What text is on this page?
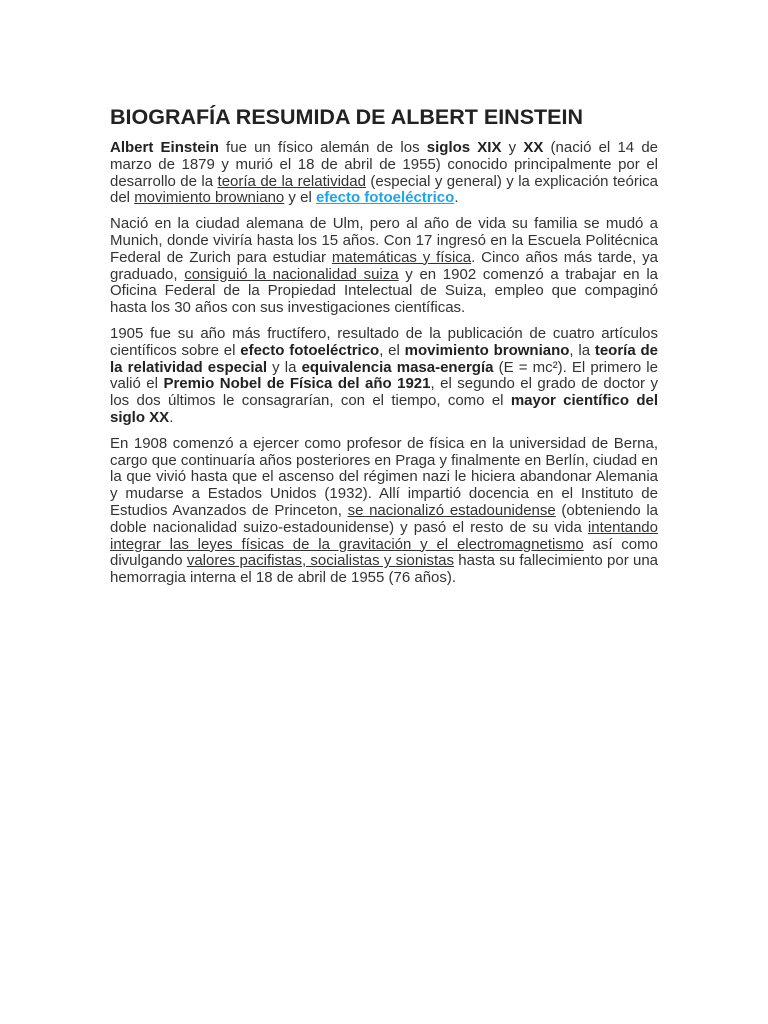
BIOGRAFÍA RESUMIDA DE ALBERT EINSTEIN

Albert Einstein fue un físico alemán de los siglos XIX y XX (nació el 14 de marzo de 1879 y murió el 18 de abril de 1955) conocido principalmente por el desarrollo de la teoría de la relatividad (especial y general) y la explicación teórica del movimiento browniano y el efecto fotoeléctrico.

Nació en la ciudad alemana de Ulm, pero al año de vida su familia se mudó a Munich, donde viviría hasta los 15 años. Con 17 ingresó en la Escuela Politécnica Federal de Zurich para estudiar matemáticas y física. Cinco años más tarde, ya graduado, consiguió la nacionalidad suiza y en 1902 comenzó a trabajar en la Oficina Federal de la Propiedad Intelectual de Suiza, empleo que compaginó hasta los 30 años con sus investigaciones científicas.

1905 fue su año más fructífero, resultado de la publicación de cuatro artículos científicos sobre el efecto fotoeléctrico, el movimiento browniano, la teoría de la relatividad especial y la equivalencia masa-energía (E = mc²). El primero le valió el Premio Nobel de Física del año 1921, el segundo el grado de doctor y los dos últimos le consagrarían, con el tiempo, como el mayor científico del siglo XX.

En 1908 comenzó a ejercer como profesor de física en la universidad de Berna, cargo que continuaría años posteriores en Praga y finalmente en Berlín, ciudad en la que vivió hasta que el ascenso del régimen nazi le hiciera abandonar Alemania y mudarse a Estados Unidos (1932). Allí impartió docencia en el Instituto de Estudios Avanzados de Princeton, se nacionalizó estadounidense (obteniendo la doble nacionalidad suizo-estadounidense) y pasó el resto de su vida intentando integrar las leyes físicas de la gravitación y el electromagnetismo así como divulgando valores pacifistas, socialistas y sionistas hasta su fallecimiento por una hemorragia interna el 18 de abril de 1955 (76 años).
